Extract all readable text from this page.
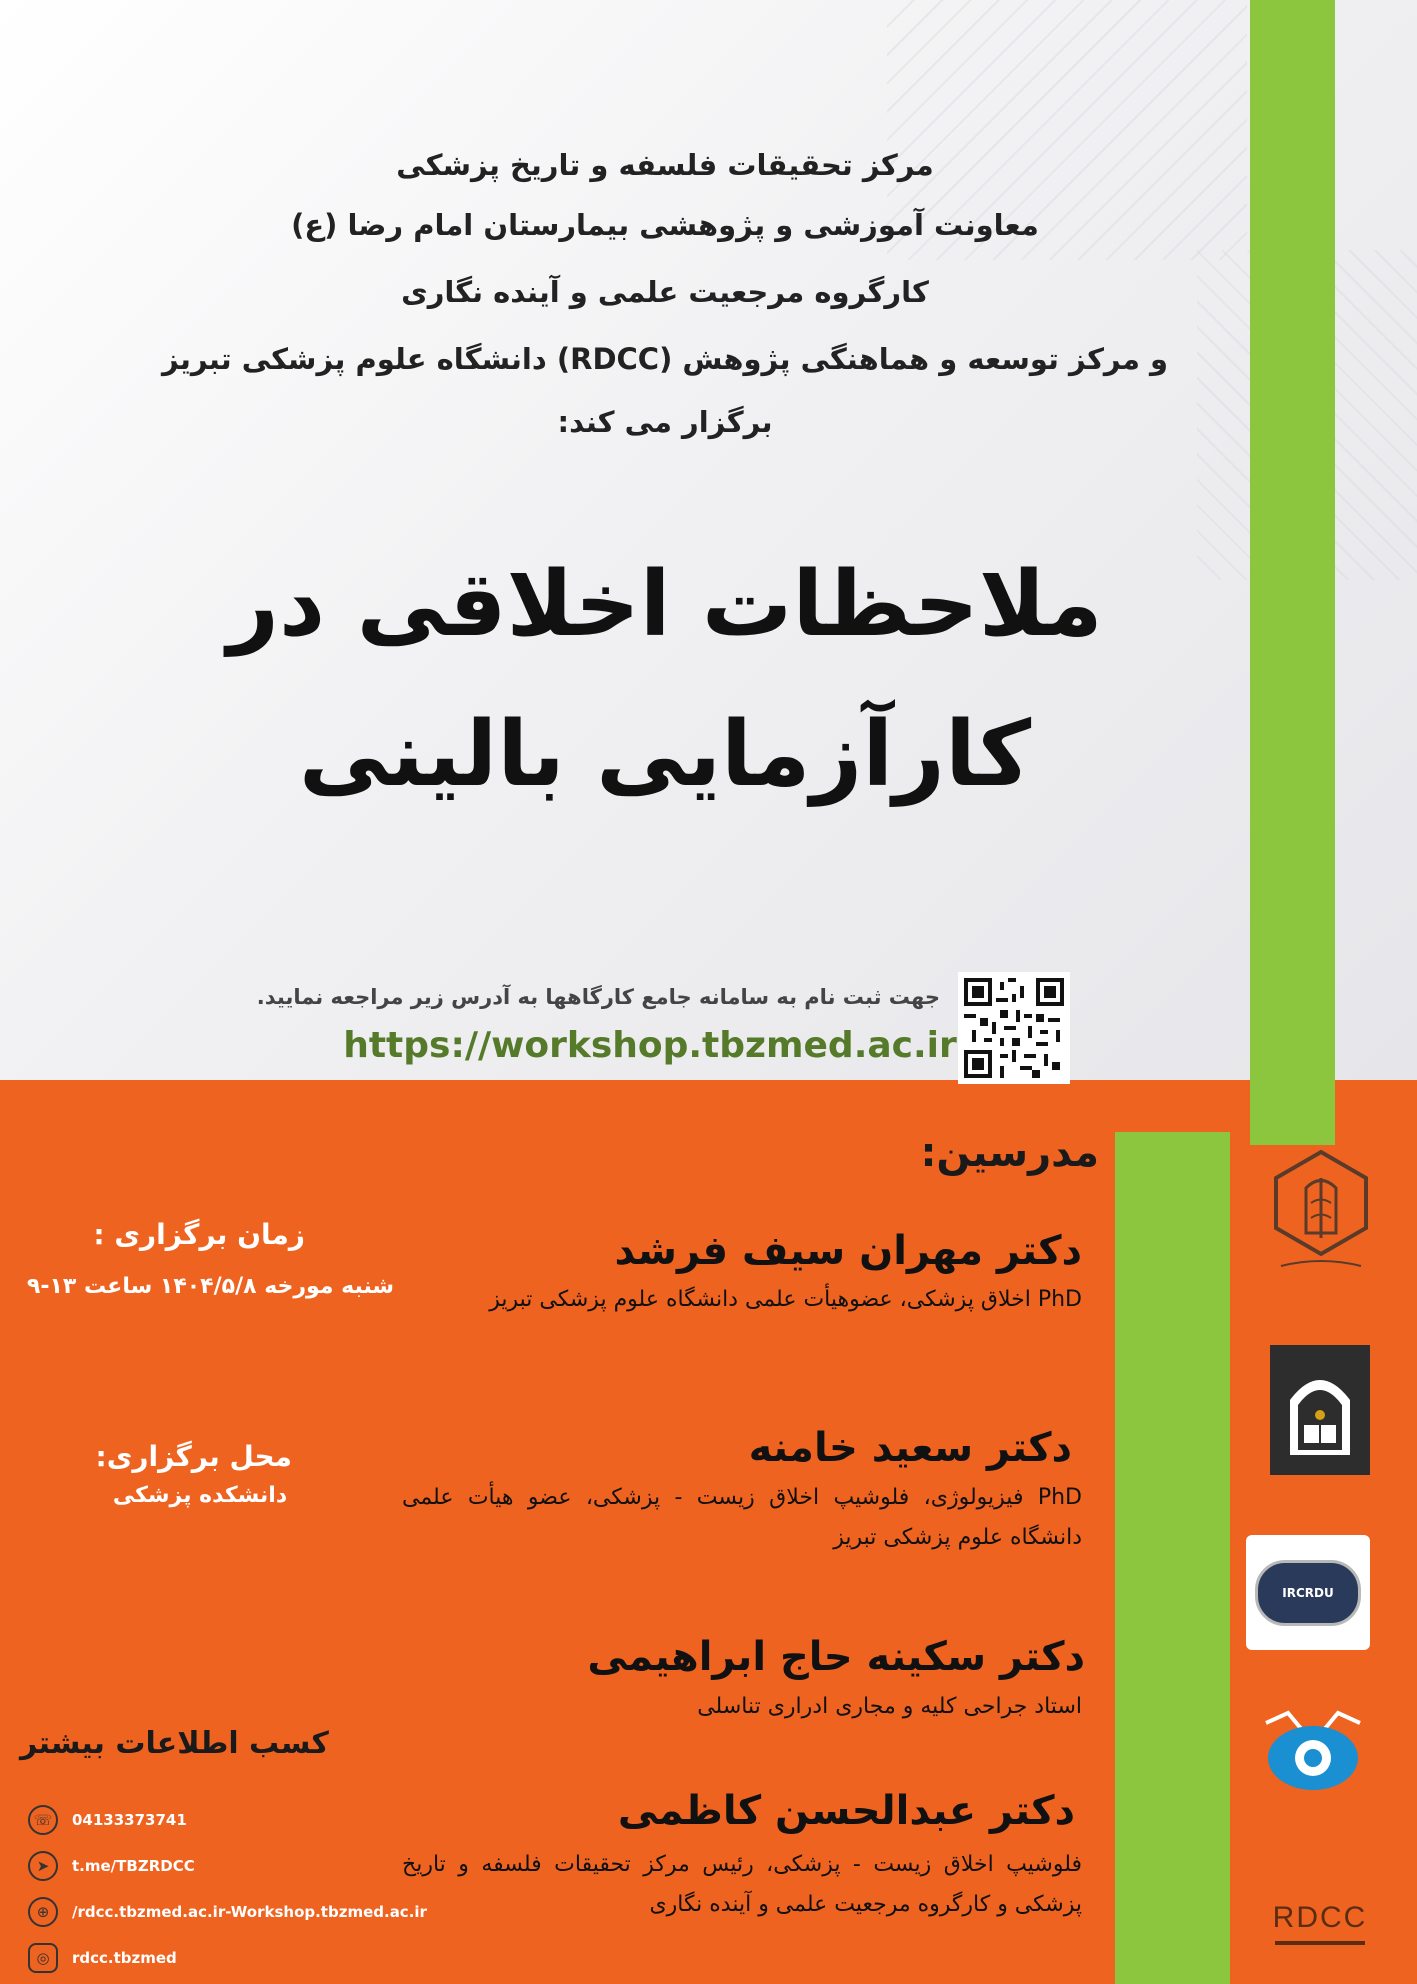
مرکز تحقیقات فلسفه و تاریخ پزشکی
معاونت آموزشی و پژوهشی بیمارستان امام رضا (ع)
کارگروه مرجعیت علمی و آینده نگاری
و مرکز توسعه و هماهنگی پژوهش (RDCC) دانشگاه علوم پزشکی تبریز
برگزار می کند:
ملاحظات اخلاقی در
کارآزمایی بالینی
جهت ثبت نام به سامانه جامع کارگاهها به آدرس زیر مراجعه نمایید.
https://workshop.tbzmed.ac.ir
مدرسین:
دکتر مهران سیف فرشد
PhD اخلاق پزشکی، عضوهیأت علمی دانشگاه علوم پزشکی تبریز
دکتر سعید خامنه
PhD فیزیولوژی، فلوشیپ اخلاق زیست - پزشکی، عضو هیأت علمی دانشگاه علوم پزشکی تبریز
دکتر سکینه حاج ابراهیمی
استاد جراحی کلیه و مجاری ادراری تناسلی
دکتر عبدالحسن کاظمی
فلوشیپ اخلاق زیست - پزشکی، رئیس مرکز تحقیقات فلسفه و تاریخ پزشکی و کارگروه مرجعیت علمی و آینده نگاری
زمان برگزاری :
شنبه مورخه ۱۴۰۴/۵/۸ ساعت ۱۳-۹
محل برگزاری:
دانشکده پزشکی
کسب اطلاعات بیشتر
☏	04133373741
➤	t.me/TBZRDCC
⊕	/rdcc.tbzmed.ac.ir-Workshop.tbzmed.ac.ir
◎	rdcc.tbzmed
IRCRDU
RDCC
